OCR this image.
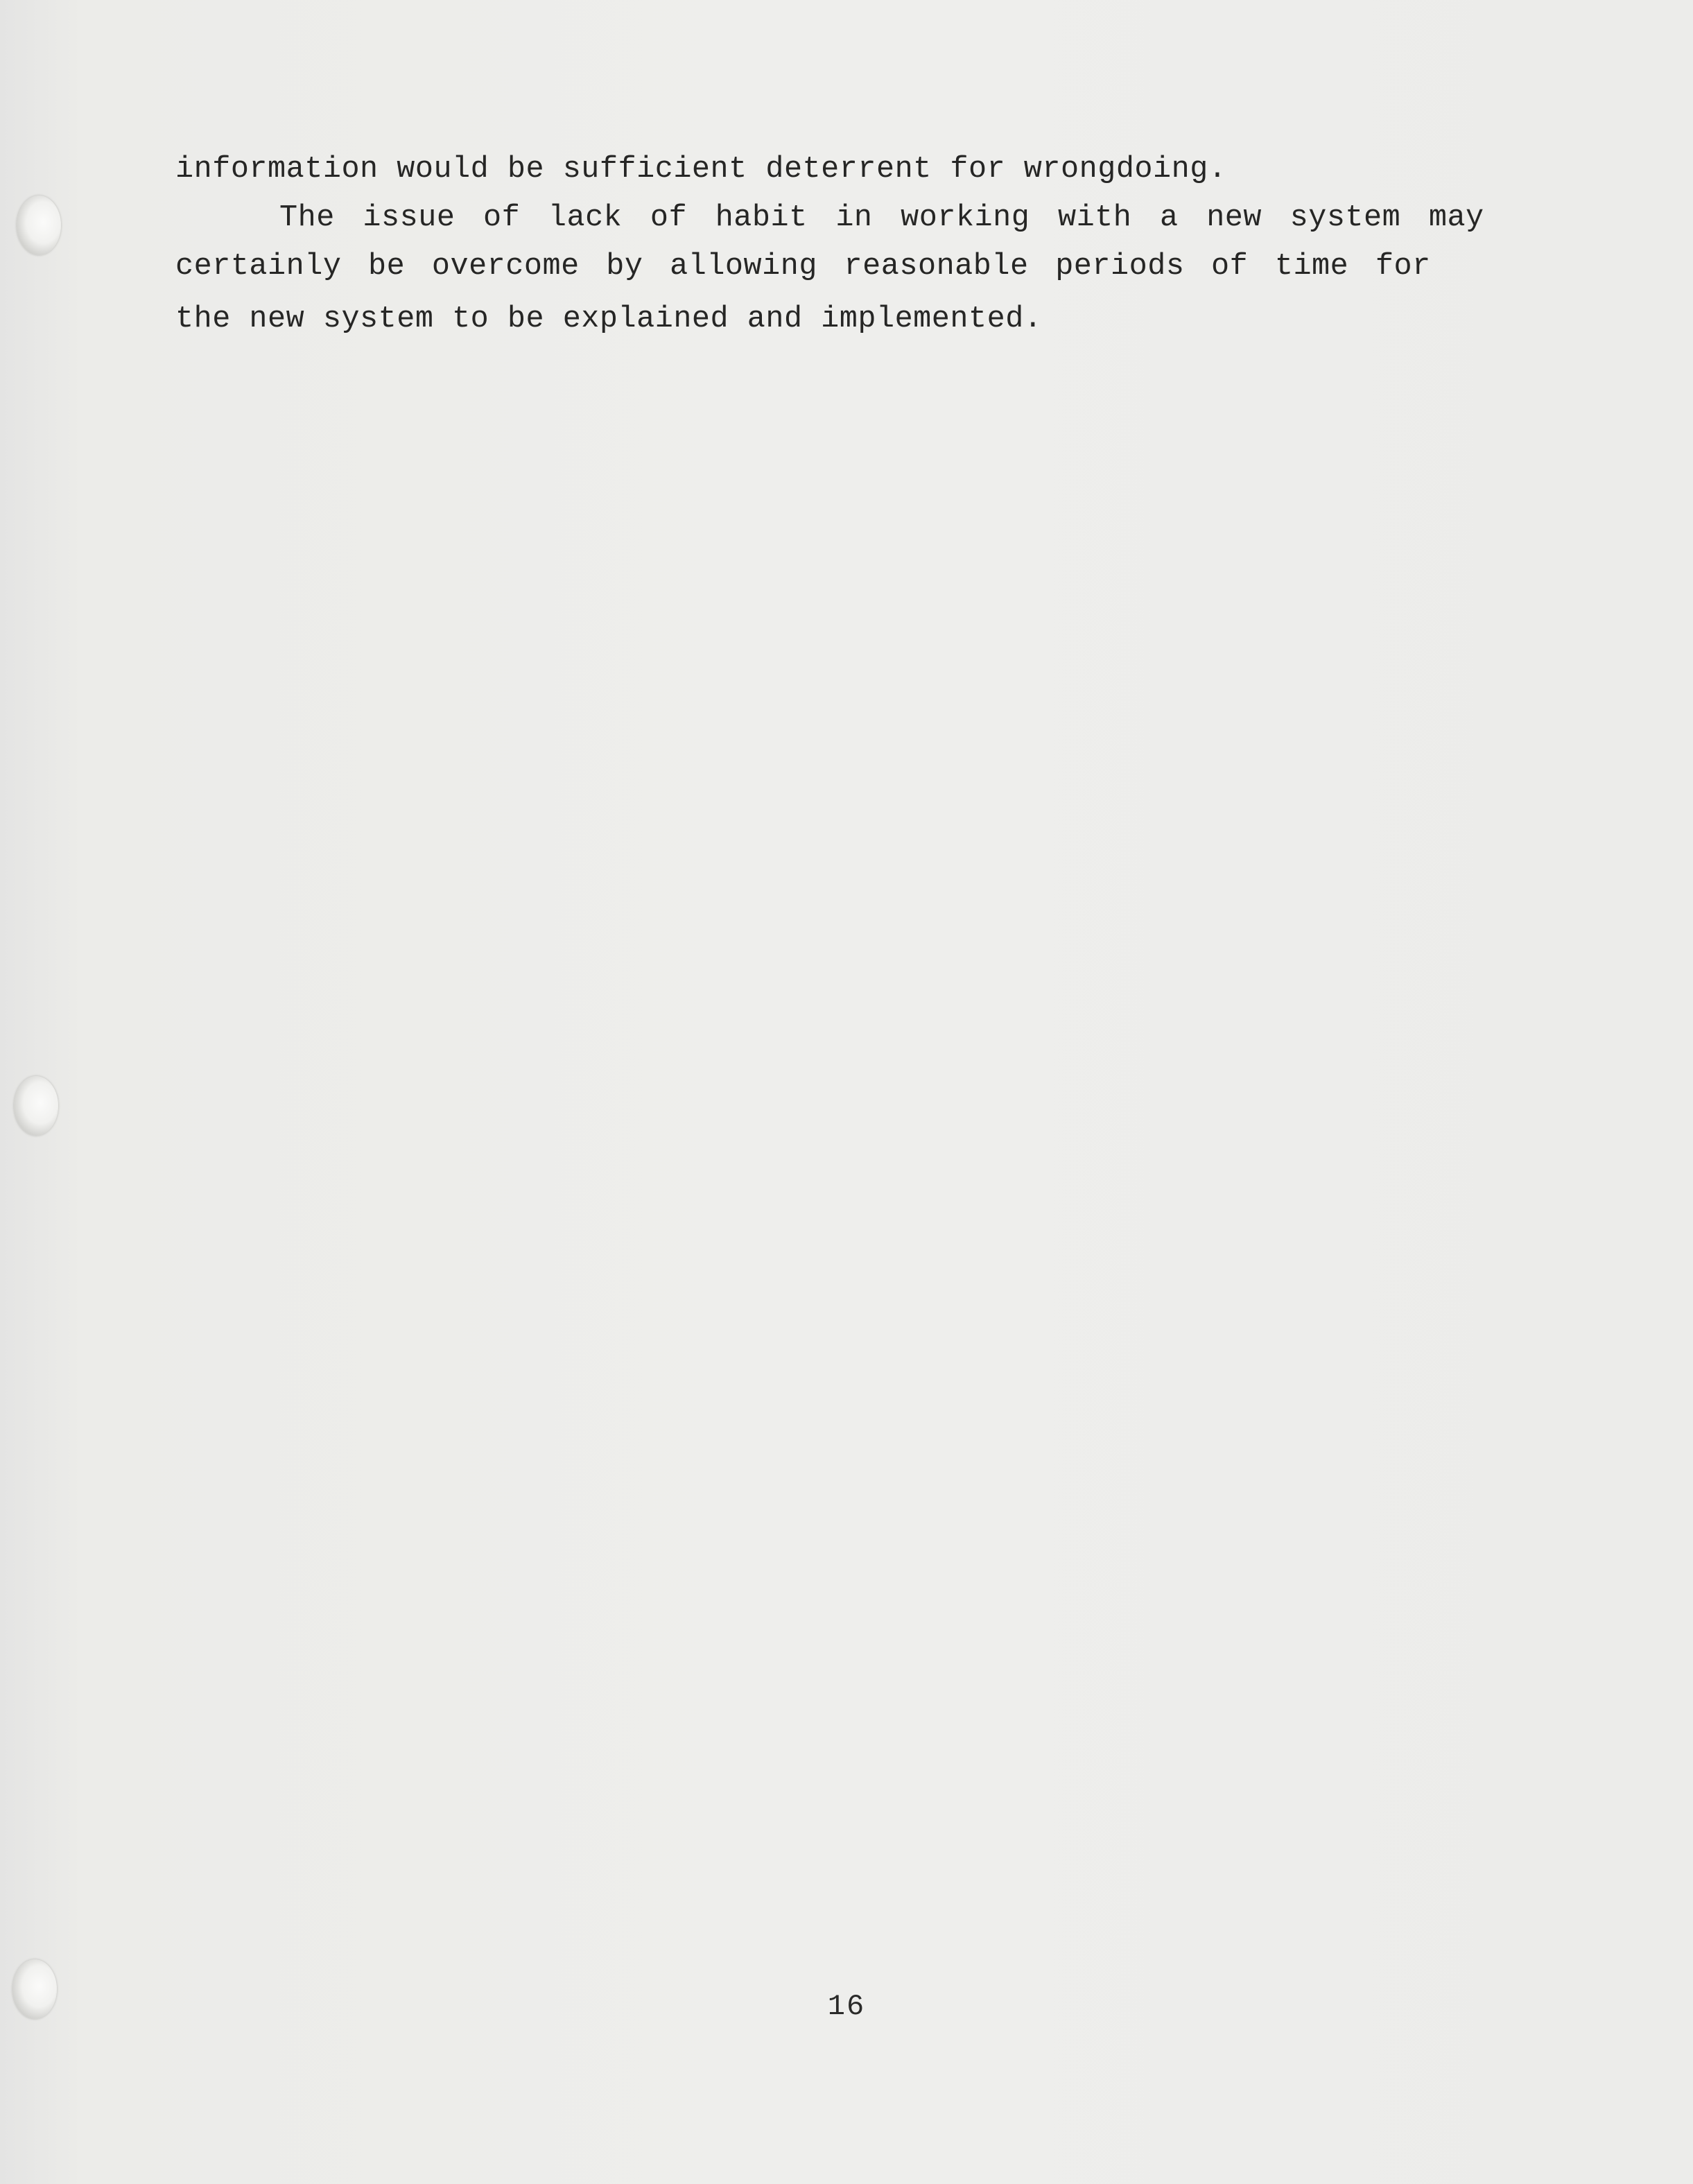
information would be sufficient deterrent for wrongdoing.
The issue of lack of habit in working with a new system may
certainly be overcome by allowing reasonable periods of time for
the new system to be explained and implemented.
16
